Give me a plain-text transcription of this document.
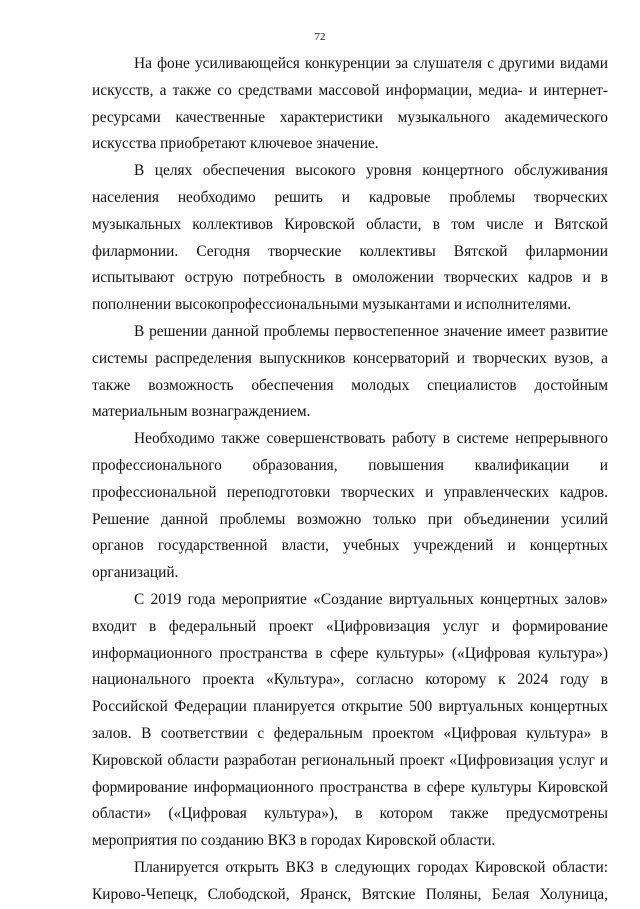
72

На фоне усиливающейся конкуренции за слушателя с другими видами искусств, а также со средствами массовой информации, медиа- и интернет-ресурсами качественные характеристики музыкального академического искусства приобретают ключевое значение.

В целях обеспечения высокого уровня концертного обслуживания населения необходимо решить и кадровые проблемы творческих музыкальных коллективов Кировской области, в том числе и Вятской филармонии. Сегодня творческие коллективы Вятской филармонии испытывают острую потребность в омоложении творческих кадров и в пополнении высокопрофессиональными музыкантами и исполнителями.

В решении данной проблемы первостепенное значение имеет развитие системы распределения выпускников консерваторий и творческих вузов, а также возможность обеспечения молодых специалистов достойным материальным вознаграждением.

Необходимо также совершенствовать работу в системе непрерывного профессионального образования, повышения квалификации и профессиональной переподготовки творческих и управленческих кадров. Решение данной проблемы возможно только при объединении усилий органов государственной власти, учебных учреждений и концертных организаций.

С 2019 года мероприятие «Создание виртуальных концертных залов» входит в федеральный проект «Цифровизация услуг и формирование информационного пространства в сфере культуры» («Цифровая культура») национального проекта «Культура», согласно которому к 2024 году в Российской Федерации планируется открытие 500 виртуальных концертных залов. В соответствии с федеральным проектом «Цифровая культура» в Кировской области разработан региональный проект «Цифровизация услуг и формирование информационного пространства в сфере культуры Кировской области» («Цифровая культура»), в котором также предусмотрены мероприятия по созданию ВКЗ в городах Кировской области.

Планируется открыть ВКЗ в следующих городах Кировской области: Кирово-Чепецк, Слободской, Яранск, Вятские Поляны, Белая Холуница,
